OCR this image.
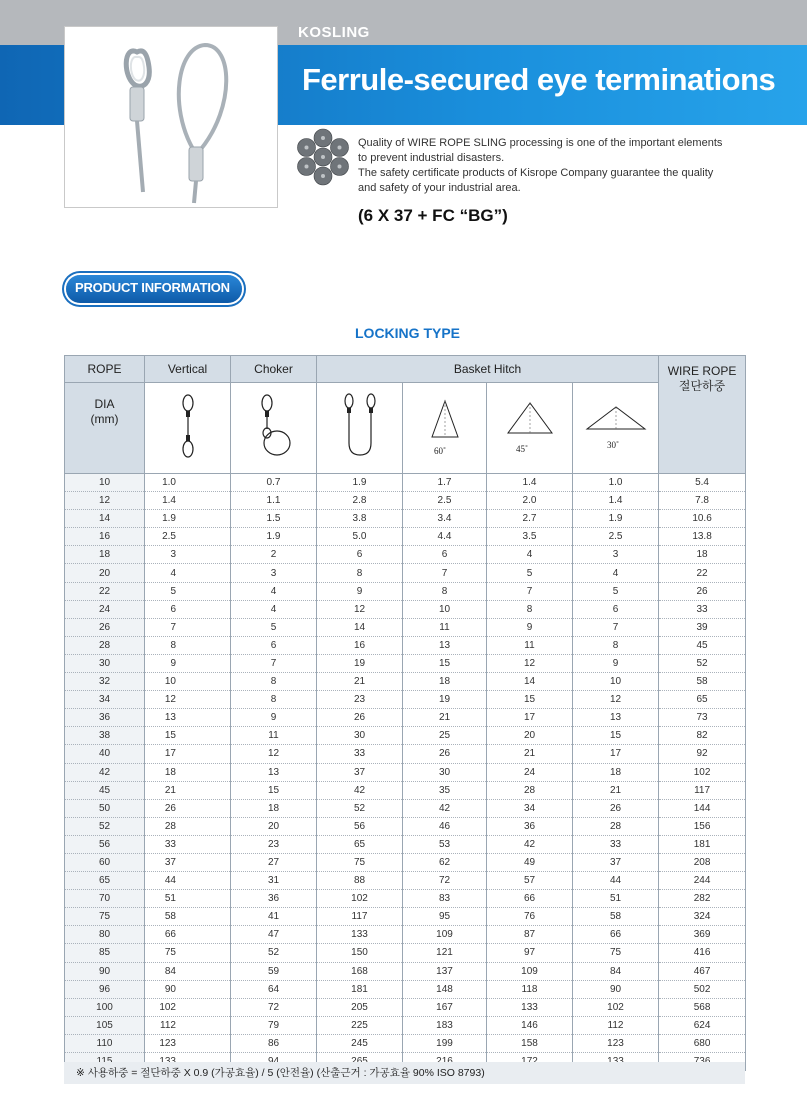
KOSLING
Ferrule-secured eye terminations
Quality of WIRE ROPE SLING processing is one of the important elements
to prevent industrial disasters.
The safety certificate products of Kisrope Company guarantee the quality
and safety of your industrial area.
(6 X 37 + FC “BG”)
PRODUCT INFORMATION
LOCKING TYPE
ROPE	Vertical	Choker	Basket Hitch				WIRE ROPE
절단하중

DIA
(mm)				60˚	45˚	30˚	

10	1.0	0.7	1.9	1.7	1.4	1.0	5.4
12	1.4	1.1	2.8	2.5	2.0	1.4	7.8
14	1.9	1.5	3.8	3.4	2.7	1.9	10.6
16	2.5	1.9	5.0	4.4	3.5	2.5	13.8
18	3	2	6	6	4	3	18
20	4	3	8	7	5	4	22
22	5	4	9	8	7	5	26
24	6	4	12	10	8	6	33
26	7	5	14	11	9	7	39
28	8	6	16	13	11	8	45
30	9	7	19	15	12	9	52
32	10	8	21	18	14	10	58
34	12	8	23	19	15	12	65
36	13	9	26	21	17	13	73
38	15	11	30	25	20	15	82
40	17	12	33	26	21	17	92
42	18	13	37	30	24	18	102
45	21	15	42	35	28	21	117
50	26	18	52	42	34	26	144
52	28	20	56	46	36	28	156
56	33	23	65	53	42	33	181
60	37	27	75	62	49	37	208
65	44	31	88	72	57	44	244
70	51	36	102	83	66	51	282
75	58	41	117	95	76	58	324
80	66	47	133	109	87	66	369
85	75	52	150	121	97	75	416
90	84	59	168	137	109	84	467
96	90	64	181	148	118	90	502
100	102	72	205	167	133	102	568
105	112	79	225	183	146	112	624
110	123	86	245	199	158	123	680

※ 사용하중 = 절단하중 X 0.9 (가공효율) / 5 (안전율) (산출근거 : 가공효율 90% ISO 8793)
